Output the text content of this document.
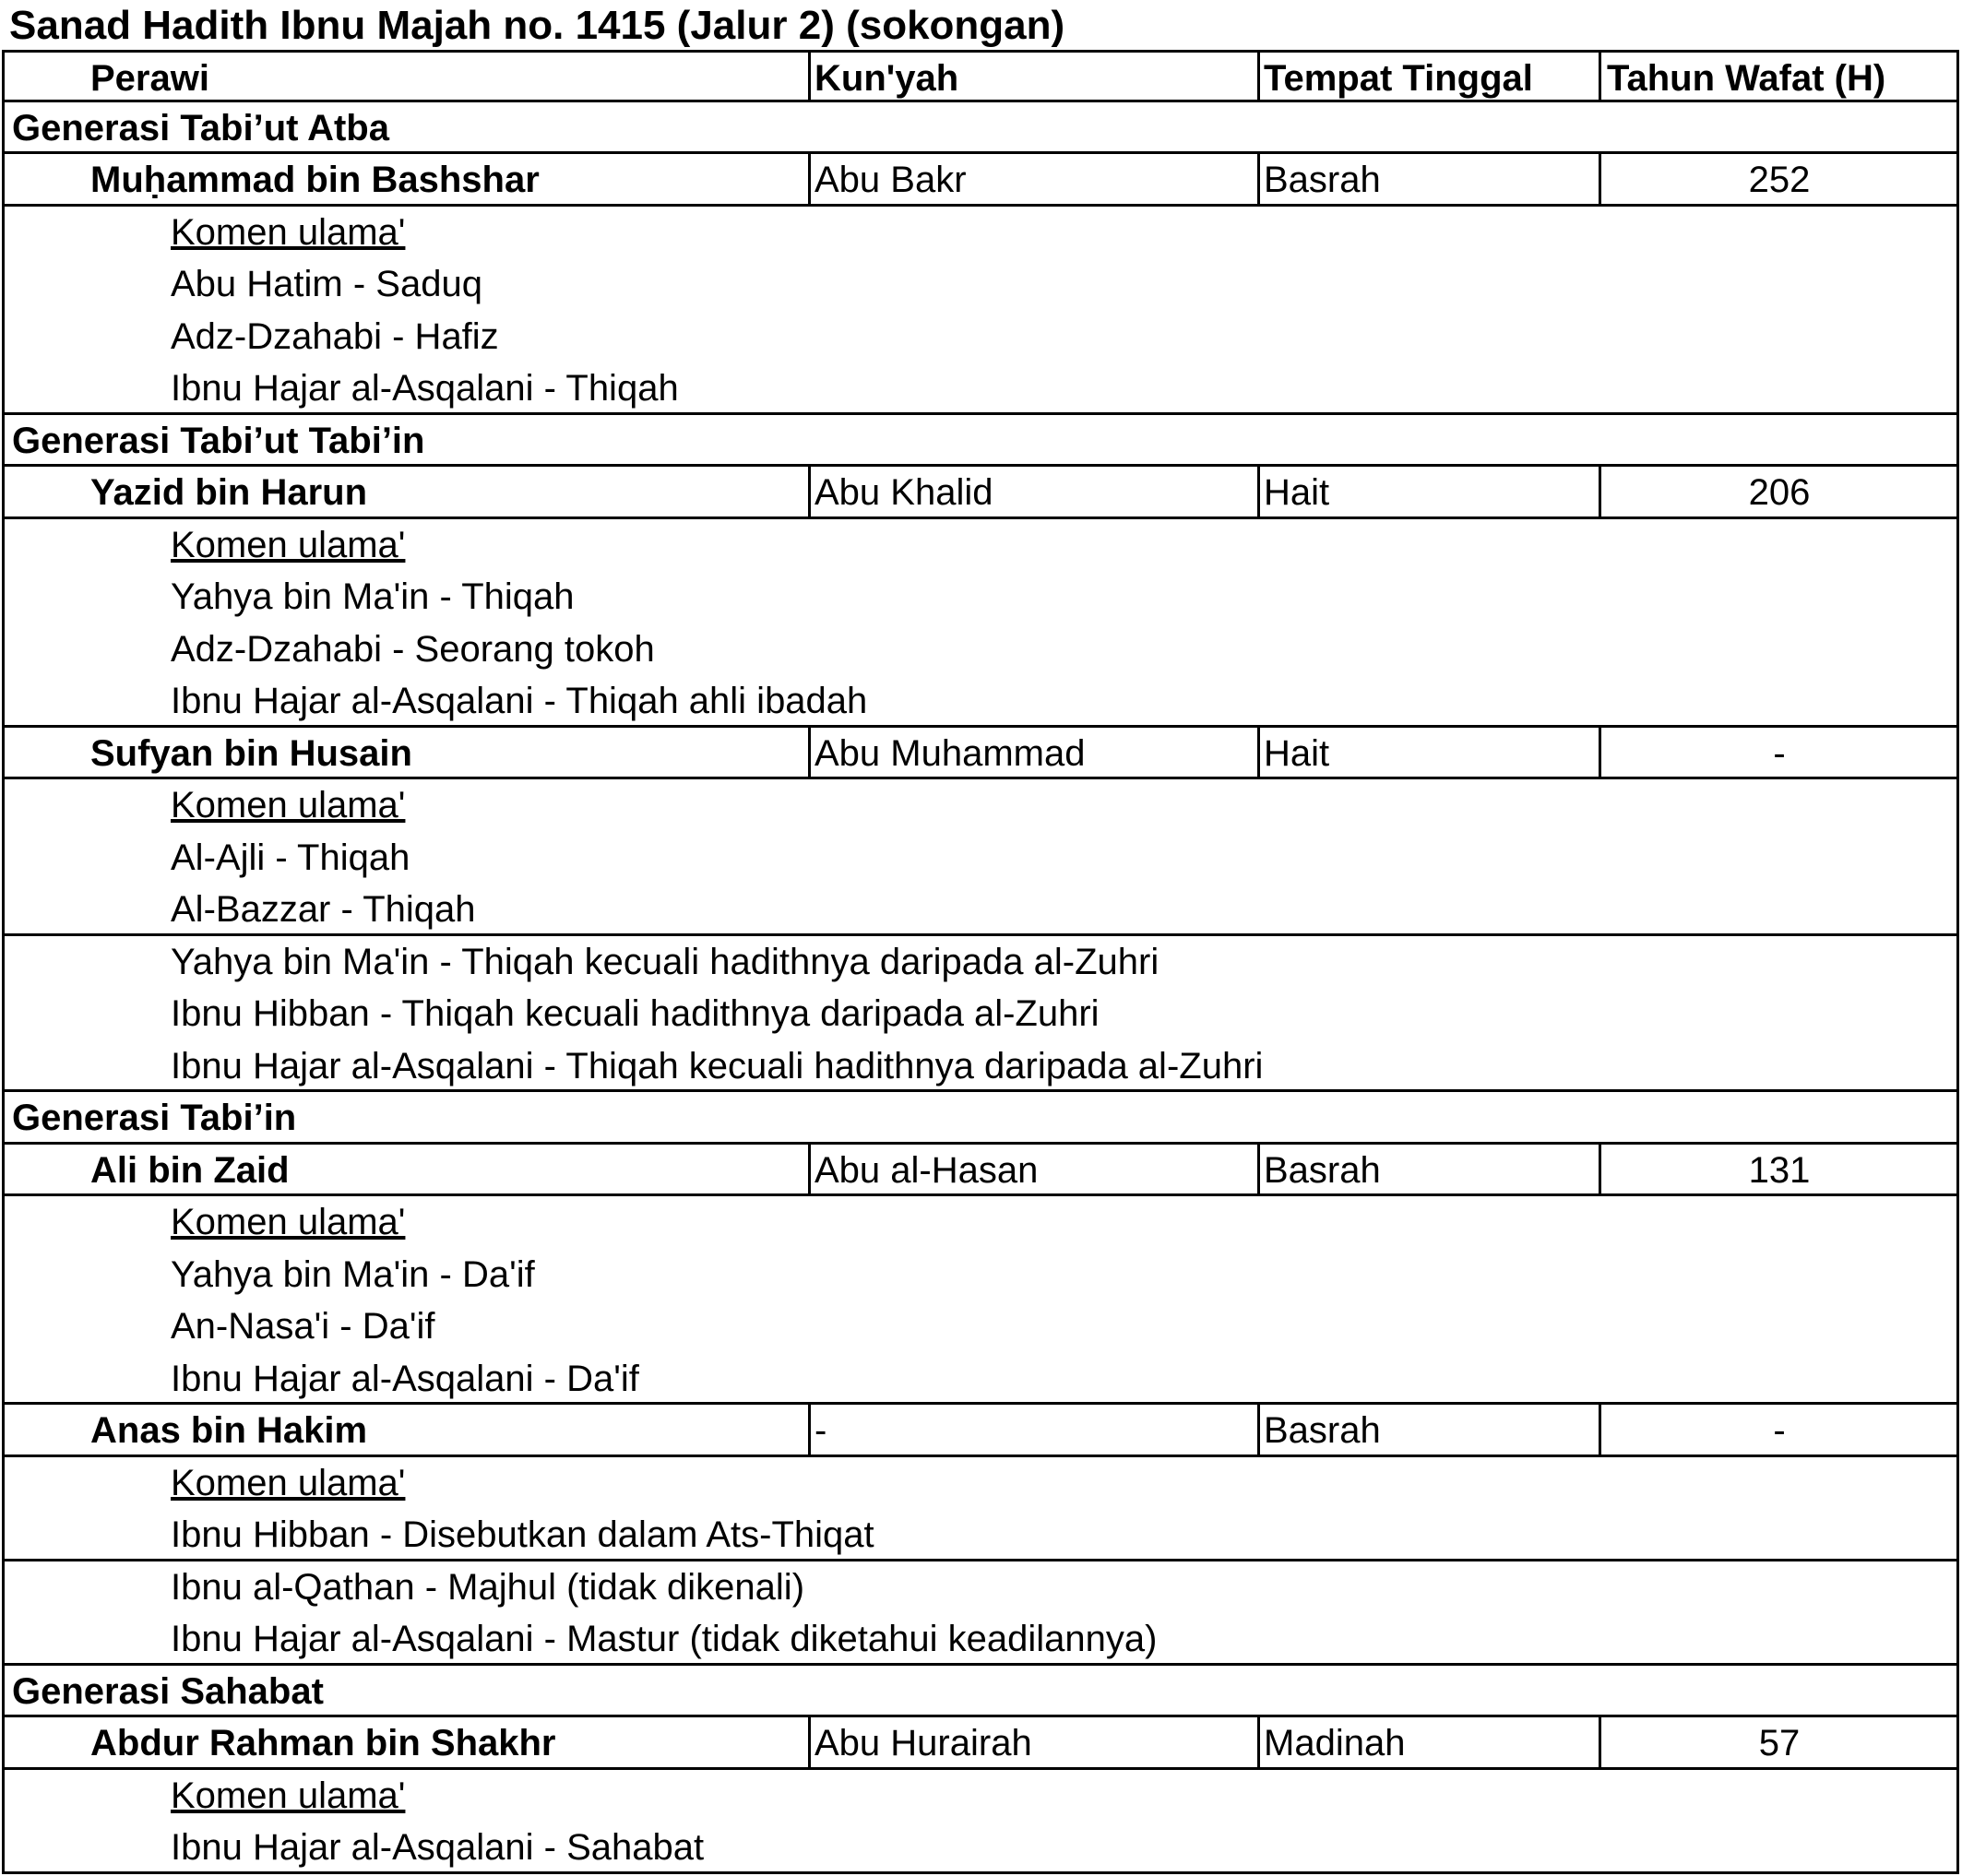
Sanad Hadith Ibnu Majah no. 1415 (Jalur 2) (sokongan)
Perawi	Kun'yah	Tempat Tinggal	Tahun Wafat (H)
Generasi Tabi’ut Atba
Muḥammad bin Bashshar	Abu Bakr	Basrah	252
Komen ulama'
Abu Hatim - Saduq
Adz-Dzahabi - Hafiz
Ibnu Hajar al-Asqalani - Thiqah
Generasi Tabi’ut Tabi’in
Yazid bin Harun	Abu Khalid	Hait	206
Komen ulama'
Yahya bin Ma'in - Thiqah
Adz-Dzahabi - Seorang tokoh
Ibnu Hajar al-Asqalani - Thiqah ahli ibadah
Sufyan bin Husain	Abu Muhammad	Hait	-
Komen ulama'
Al-Ajli - Thiqah
Al-Bazzar - Thiqah
Yahya bin Ma'in - Thiqah kecuali hadithnya daripada al-Zuhri
Ibnu Hibban - Thiqah kecuali hadithnya daripada al-Zuhri
Ibnu Hajar al-Asqalani - Thiqah kecuali hadithnya daripada al-Zuhri
Generasi Tabi’in
Ali bin Zaid	Abu al-Hasan	Basrah	131
Komen ulama'
Yahya bin Ma'in - Da'if
An-Nasa'i - Da'if
Ibnu Hajar al-Asqalani - Da'if
Anas bin Hakim	-	Basrah	-
Komen ulama'
Ibnu Hibban - Disebutkan dalam Ats-Thiqat
Ibnu al-Qathan - Majhul (tidak dikenali)
Ibnu Hajar al-Asqalani - Mastur (tidak diketahui keadilannya)
Generasi Sahabat
Abdur Rahman bin Shakhr	Abu Hurairah	Madinah	57
Komen ulama'
Ibnu Hajar al-Asqalani - Sahabat
